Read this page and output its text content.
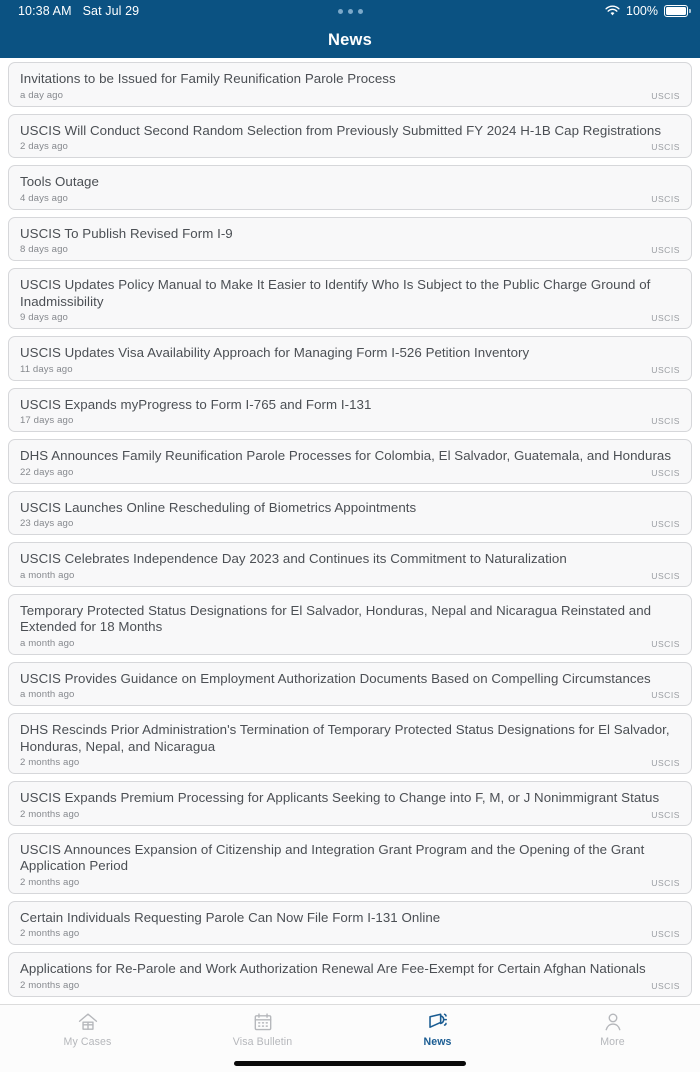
10:38 AM Sat Jul 29	100%
News
Invitations to be Issued for Family Reunification Parole Process
a day ago	USCIS
USCIS Will Conduct Second Random Selection from Previously Submitted FY 2024 H-1B Cap Registrations
2 days ago	USCIS
Tools Outage
4 days ago	USCIS
USCIS To Publish Revised Form I-9
8 days ago	USCIS
USCIS Updates Policy Manual to Make It Easier to Identify Who Is Subject to the Public Charge Ground of Inadmissibility
9 days ago	USCIS
USCIS Updates Visa Availability Approach for Managing Form I-526 Petition Inventory
11 days ago	USCIS
USCIS Expands myProgress to Form I-765 and Form I-131
17 days ago	USCIS
DHS Announces Family Reunification Parole Processes for Colombia, El Salvador, Guatemala, and Honduras
22 days ago	USCIS
USCIS Launches Online Rescheduling of Biometrics Appointments
23 days ago	USCIS
USCIS Celebrates Independence Day 2023 and Continues its Commitment to Naturalization
a month ago	USCIS
Temporary Protected Status Designations for El Salvador, Honduras, Nepal and Nicaragua Reinstated and Extended for 18 Months
a month ago	USCIS
USCIS Provides Guidance on Employment Authorization Documents Based on Compelling Circumstances
a month ago	USCIS
DHS Rescinds Prior Administration's Termination of Temporary Protected Status Designations for El Salvador, Honduras, Nepal, and Nicaragua
2 months ago	USCIS
USCIS Expands Premium Processing for Applicants Seeking to Change into F, M, or J Nonimmigrant Status
2 months ago	USCIS
USCIS Announces Expansion of Citizenship and Integration Grant Program and the Opening of the Grant Application Period
2 months ago	USCIS
Certain Individuals Requesting Parole Can Now File Form I-131 Online
2 months ago	USCIS
Applications for Re-Parole and Work Authorization Renewal Are Fee-Exempt for Certain Afghan Nationals
2 months ago	USCIS
My Cases	Visa Bulletin	News	More
